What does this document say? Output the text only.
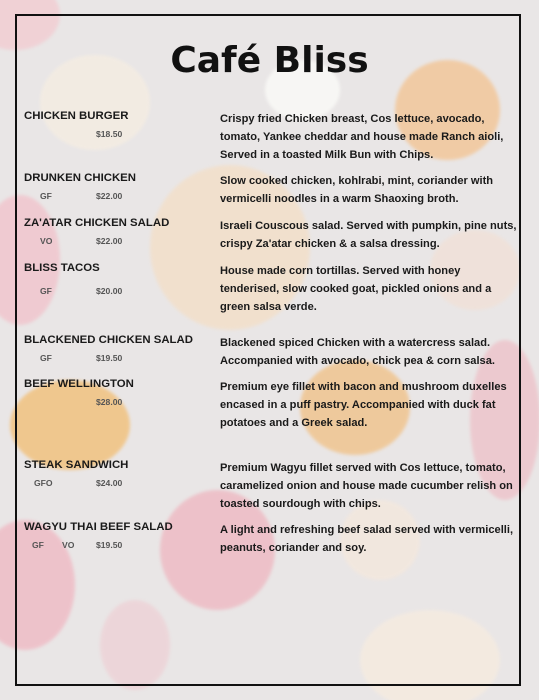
Café Bliss
CHICKEN BURGER
$18.50
Crispy fried Chicken breast, Cos lettuce, avocado, tomato, Yankee cheddar and house made Ranch aioli, Served in a toasted Milk Bun with Chips.
DRUNKEN CHICKEN
GF	$22.00
Slow cooked chicken, kohlrabi, mint, coriander with vermicelli noodles in a warm Shaoxing broth.
ZA'ATAR CHICKEN SALAD
VO	$22.00
Israeli Couscous salad. Served with pumpkin, pine nuts, crispy Za'atar chicken & a salsa dressing.
BLISS TACOS
GF	$20.00
House made corn tortillas. Served with honey tenderised, slow cooked goat, pickled onions and a green salsa verde.
BLACKENED CHICKEN SALAD
GF	$19.50
Blackened spiced Chicken with a watercress salad. Accompanied with avocado, chick pea & corn salsa.
BEEF WELLINGTON
$28.00
Premium eye fillet with bacon and mushroom duxelles encased in a puff pastry. Accompanied with duck fat potatoes and a Greek salad.
STEAK SANDWICH
GFO	$24.00
Premium Wagyu fillet served with Cos lettuce, tomato, caramelized onion and house made cucumber relish on toasted sourdough with chips.
WAGYU THAI BEEF SALAD
GF VO	$19.50
A light and refreshing beef salad served with vermicelli, peanuts, coriander and soy.
